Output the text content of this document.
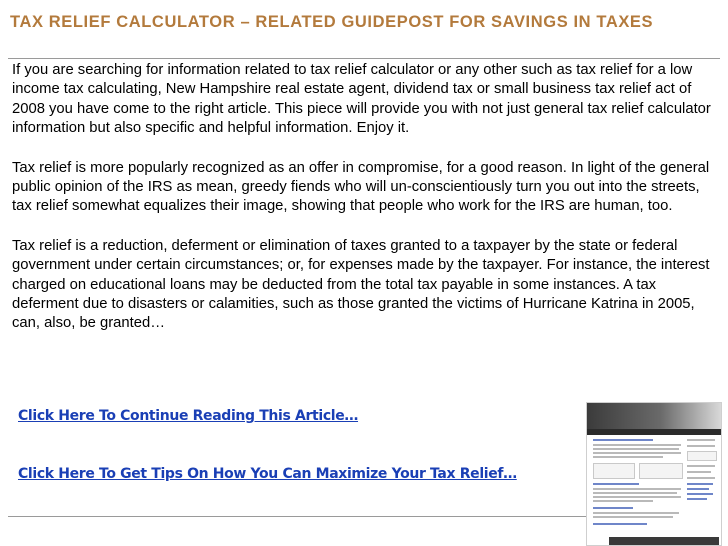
TAX RELIEF CALCULATOR – RELATED GUIDEPOST FOR SAVINGS IN TAXES

If you are searching for information related to tax relief calculator or any other such as tax relief for a low income tax calculating, New Hampshire real estate agent, dividend tax or small business tax relief act of 2008 you have come to the right article. This piece will provide you with not just general tax relief calculator information but also specific and helpful information. Enjoy it.

Tax relief is more popularly recognized as an offer in compromise, for a good reason. In light of the general public opinion of the IRS as mean, greedy fiends who will un-conscientiously turn you out into the streets, tax relief somewhat equalizes their image, showing that people who work for the IRS are human, too.

Tax relief is a reduction, deferment or elimination of taxes granted to a taxpayer by the state or federal government under certain circumstances; or, for expenses made by the taxpayer. For instance, the interest charged on educational loans may be deducted from the total tax payable in some instances. A tax deferment due to disasters or calamities, such as those granted the victims of Hurricane Katrina in 2005, can, also, be granted…

Click Here To Continue Reading This Article…
Click Here To Get Tips On How You Can Maximize Your Tax Relief…
